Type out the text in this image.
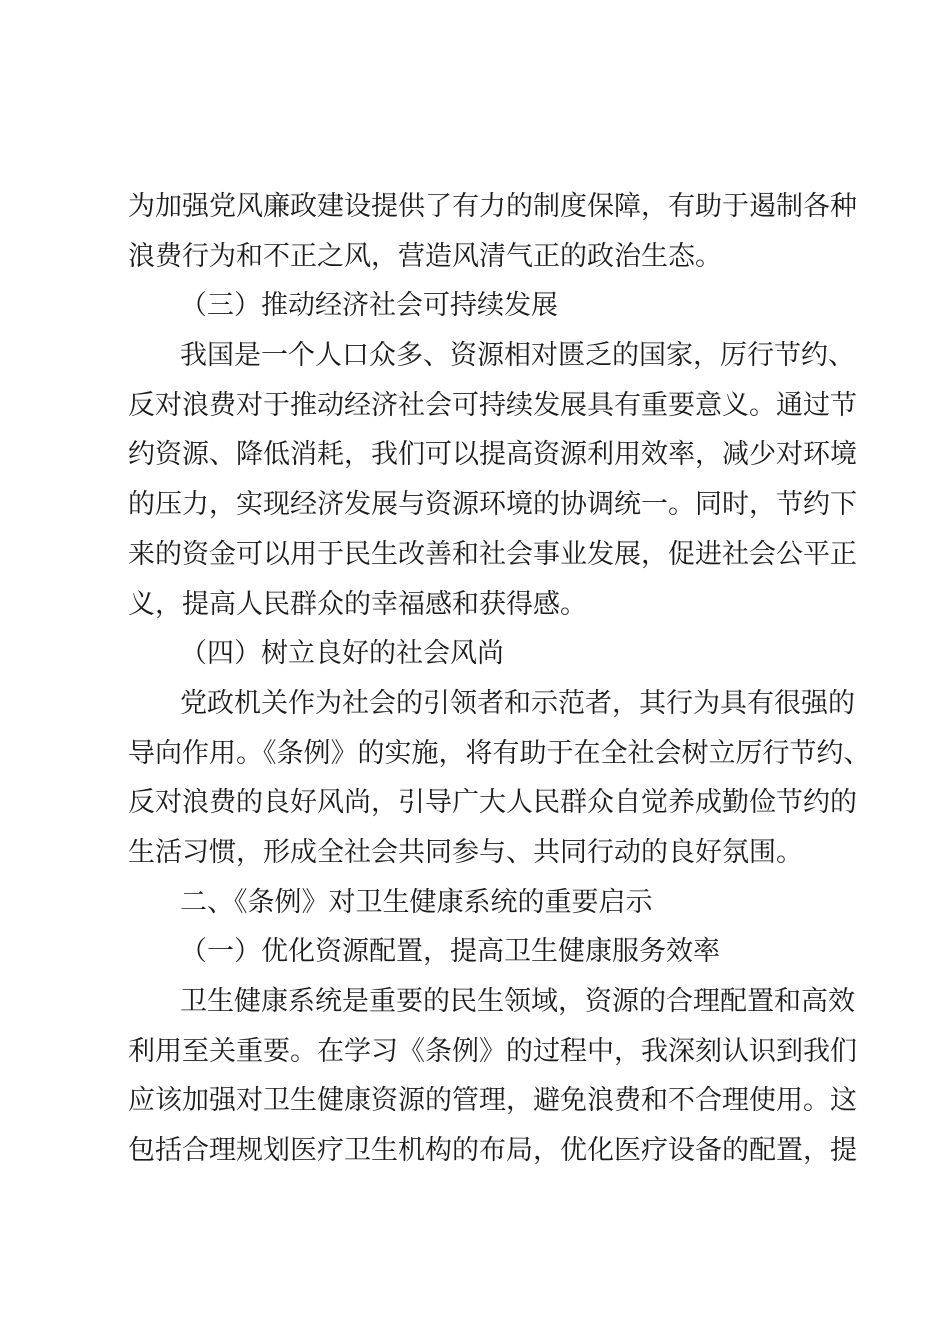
为加强党风廉政建设提供了有力的制度保障，有助于遏制各种
浪费行为和不正之风，营造风清气正的政治生态。
（三）推动经济社会可持续发展
我国是一个人口众多、资源相对匮乏的国家，厉行节约、
反对浪费对于推动经济社会可持续发展具有重要意义。通过节
约资源、降低消耗，我们可以提高资源利用效率，减少对环境
的压力，实现经济发展与资源环境的协调统一。同时，节约下
来的资金可以用于民生改善和社会事业发展，促进社会公平正
义，提高人民群众的幸福感和获得感。
（四）树立良好的社会风尚
党政机关作为社会的引领者和示范者，其行为具有很强的
导向作用。《条例》的实施，将有助于在全社会树立厉行节约、
反对浪费的良好风尚，引导广大人民群众自觉养成勤俭节约的
生活习惯，形成全社会共同参与、共同行动的良好氛围。
二、《条例》对卫生健康系统的重要启示
（一）优化资源配置，提高卫生健康服务效率
卫生健康系统是重要的民生领域，资源的合理配置和高效
利用至关重要。在学习《条例》的过程中，我深刻认识到我们
应该加强对卫生健康资源的管理，避免浪费和不合理使用。这
包括合理规划医疗卫生机构的布局，优化医疗设备的配置，提
